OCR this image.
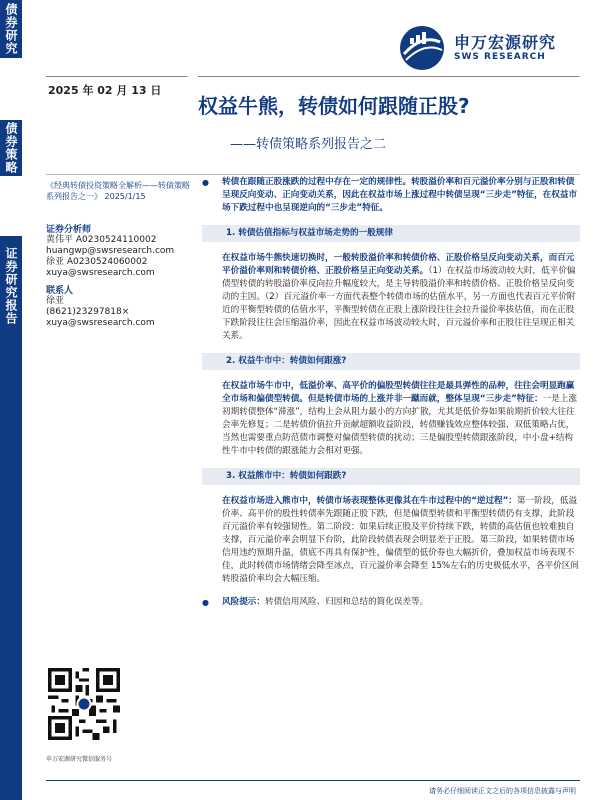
债券研究
债券策略
证券研究报告
申万宏源研究
SWS RESEARCH
2025 年 02 月 13 日
权益牛熊，转债如何跟随正股?
——转债策略系列报告之二
《经典转债投资策略全解析——转债策略系列报告之一》 2025/1/15
证券分析师
黄伟平 A0230524110002
huangwp@swsresearch.com
徐亚 A0230524060002
xuya@swsresearch.com
联系人
徐亚
(8621)23297818×
xuya@swsresearch.com
申万宏源研究微信服务号
●	转债在跟随正股涨跌的过程中存在一定的规律性。转股溢价率和百元溢价率分别与正股和转债呈现反向变动、正向变动关系，因此在权益市场上涨过程中转债呈现“三步走”特征，在权益市场下跌过程中也呈现逆向的“三步走”特征。
1. 转债估值指标与权益市场走势的一般规律
在权益市场牛熊快速切换时，一般转股溢价率和转债价格、正股价格呈反向变动关系，而百元平价溢价率则和转债价格、正股价格呈正向变动关系。（1）在权益市场波动较大时，低平价偏债型转债的转股溢价率反向拉升幅度较大，是主导转股溢价率和转债价格、正股价格呈反向变动的主因。（2）百元溢价率一方面代表整个转债市场的估值水平，另一方面也代表百元平价附近的平衡型转债的估值水平，平衡型转债在正股上涨阶段往往会拉升溢价率拔估值，而在正股下跌阶段往往会压缩溢价率，因此在权益市场波动较大时，百元溢价率和正股往往呈现正相关关系。
2. 权益牛市中：转债如何跟涨?
在权益市场牛市中，低溢价率、高平价的偏股型转债往往是最具弹性的品种，往往会明显跑赢全市场和偏债型转债。但是转债市场的上涨并非一蹴而就，整体呈现“三步走”特征：一是上涨初期转债整体“滞涨”，结构上会从阻力最小的方向扩散，尤其是低价券如果前期折价较大往往会率先修复；二是转债价值拉升贡献超额收益阶段，转债赚钱效应整体较强、双低策略占优，当然也需要重点防范债市调整对偏债型转债的扰动；三是偏股型转债跟涨阶段，中小盘+结构性牛市中转债的跟涨能力会相对更强。
3. 权益熊市中：转债如何跟跌?
在权益市场进入熊市中，转债市场表现整体更像其在牛市过程中的“逆过程”：第一阶段，低溢价率、高平价的股性转债率先跟随正股下跌，但是偏债型转债和平衡型转债仍有支撑，此阶段百元溢价率有较强韧性。第二阶段：如果后续正股及平价持续下跌，转债的高估值也较难独自支撑，百元溢价率会明显下台阶，此阶段转债表现会明显差于正股。第三阶段，如果转债市场信用违约预期升温，债底不再具有保护性，偏债型的低价券也大幅折价，叠加权益市场表现不佳，此时转债市场情绪会降至冰点，百元溢价率会降至 15%左右的历史极低水平，各平价区间转股溢价率均会大幅压缩。
●	风险提示：转债信用风险、归因和总结的简化误差等。
请务必仔细阅读正文之后的各项信息披露与声明
